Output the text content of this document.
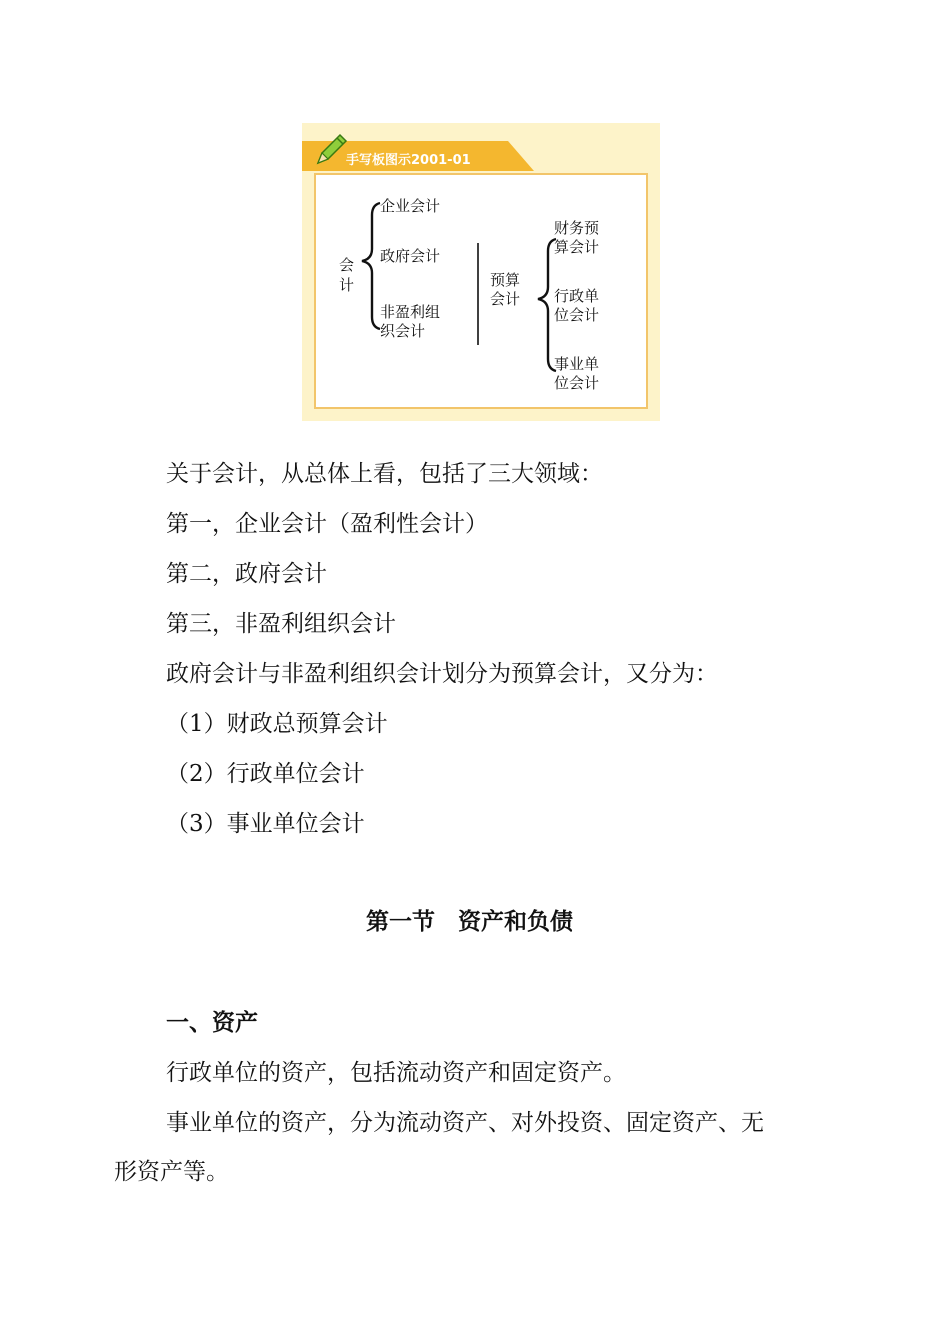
手写板图示2001-01
会计
企业会计
政府会计
非盈利组织会计
预算会计
财务预算会计
行政单位会计
事业单位会计
关于会计，从总体上看，包括了三大领域：
第一，企业会计（盈利性会计）
第二，政府会计
第三，非盈利组织会计
政府会计与非盈利组织会计划分为预算会计，又分为：
（1）财政总预算会计
（2）行政单位会计
（3）事业单位会计
第一节　资产和负债
一、资产
行政单位的资产，包括流动资产和固定资产。
事业单位的资产，分为流动资产、对外投资、固定资产、无
形资产等。
